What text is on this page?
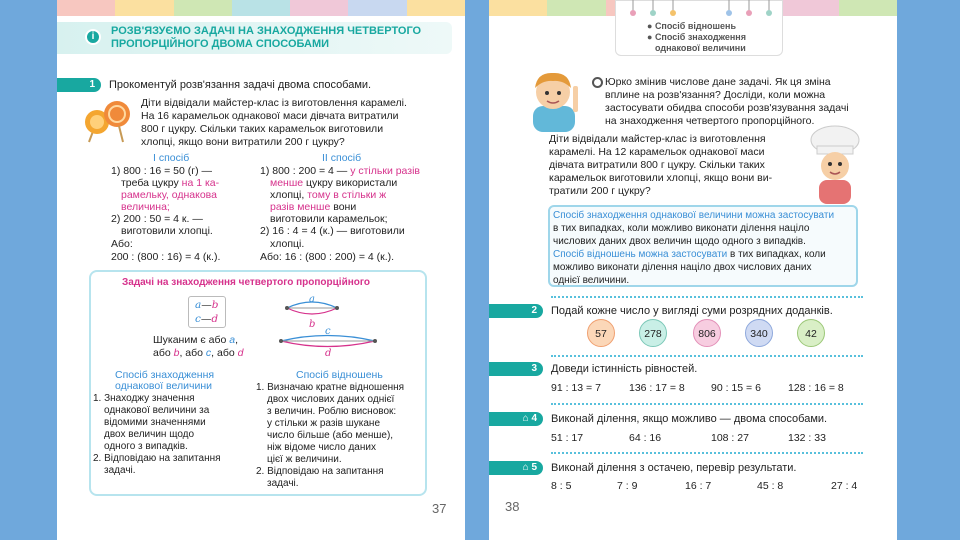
i	РОЗВ'ЯЗУЄМО ЗАДАЧІ НА ЗНАХОДЖЕННЯ ЧЕТВЕРТОГО
ПРОПОРЦІЙНОГО ДВОМА СПОСОБАМИ
1 Прокоментуй розв'язання задачі двома способами.
Діти відвідали майстер-клас із виготовлення карамелі.
На 16 карамельок однакової маси дівчата витратили
800 г цукру. Скільки таких карамельок виготовили
хлопці, якщо вони витратили 200 г цукру?
І спосіб
1) 800 : 16 = 50 (г) —
треба цукру на 1 ка-
рамельку, однакова
величина;
2) 200 : 50 = 4 к. —
виготовили хлопці.
Або:
200 : (800 : 16) = 4 (к.).
ІІ спосіб
1) 800 : 200 = 4 — у стільки разів
менше цукру використали
хлопці, тому в стільки ж
разів менше вони
виготовили карамельок;
2) 16 : 4 = 4 (к.) — виготовили
хлопці.
Або: 16 : (800 : 200) = 4 (к.).
Задачі на знаходження четвертого пропорційного
a—b
c—d
a
b
c
d
Шуканим є або a,
або b, або c, або d
Спосіб знаходження
однакової величини
1. Знаходжу значення
однакової величини за
відомими значеннями
двох величин щодо
одного з випадків.
2. Відповідаю на запитання
задачі.
Спосіб відношень
1. Визначаю кратне відношення
двох числових даних однієї
з величин. Роблю висновок:
у стільки ж разів шукане
число більше (або менше),
ніж відоме число даних
цієї ж величини.
2. Відповідаю на запитання
задачі.
37
● Спосіб відношень
● Спосіб знаходження
однакової величини
Юрко змінив числове дане задачі. Як ця зміна
вплине на розв'язання? Досліди, коли можна
застосувати обидва способи розв'язування задачі
на знаходження четвертого пропорційного.
Діти відвідали майстер-клас із виготовлення
карамелі. На 12 карамельок однакової маси
дівчата витратили 800 г цукру. Скільки таких
карамельок виготовили хлопці, якщо вони ви-
тратили 200 г цукру?
Спосіб знаходження однакової величини можна застосувати
в тих випадках, коли можливо виконати ділення націло
числових даних двох величин щодо одного з випадків.
Спосіб відношень можна застосувати в тих випадках, коли
можливо виконати ділення націло двох числових даних
однієї величини.
2 Подай кожне число у вигляді суми розрядних доданків.
57	278	806	340	42
3 Доведи істинність рівностей.
91 : 13 = 7	136 : 17 = 8 90 : 15 = 6	128 : 16 = 8
⌂ 4 Виконай ділення, якщо можливо — двома способами.
51 : 17	64 : 16	108 : 27	132 : 33
⌂ 5 Виконай ділення з остачею, перевір результати.
8 : 5	7 : 9	16 : 7	45 : 8	27 : 4
38
